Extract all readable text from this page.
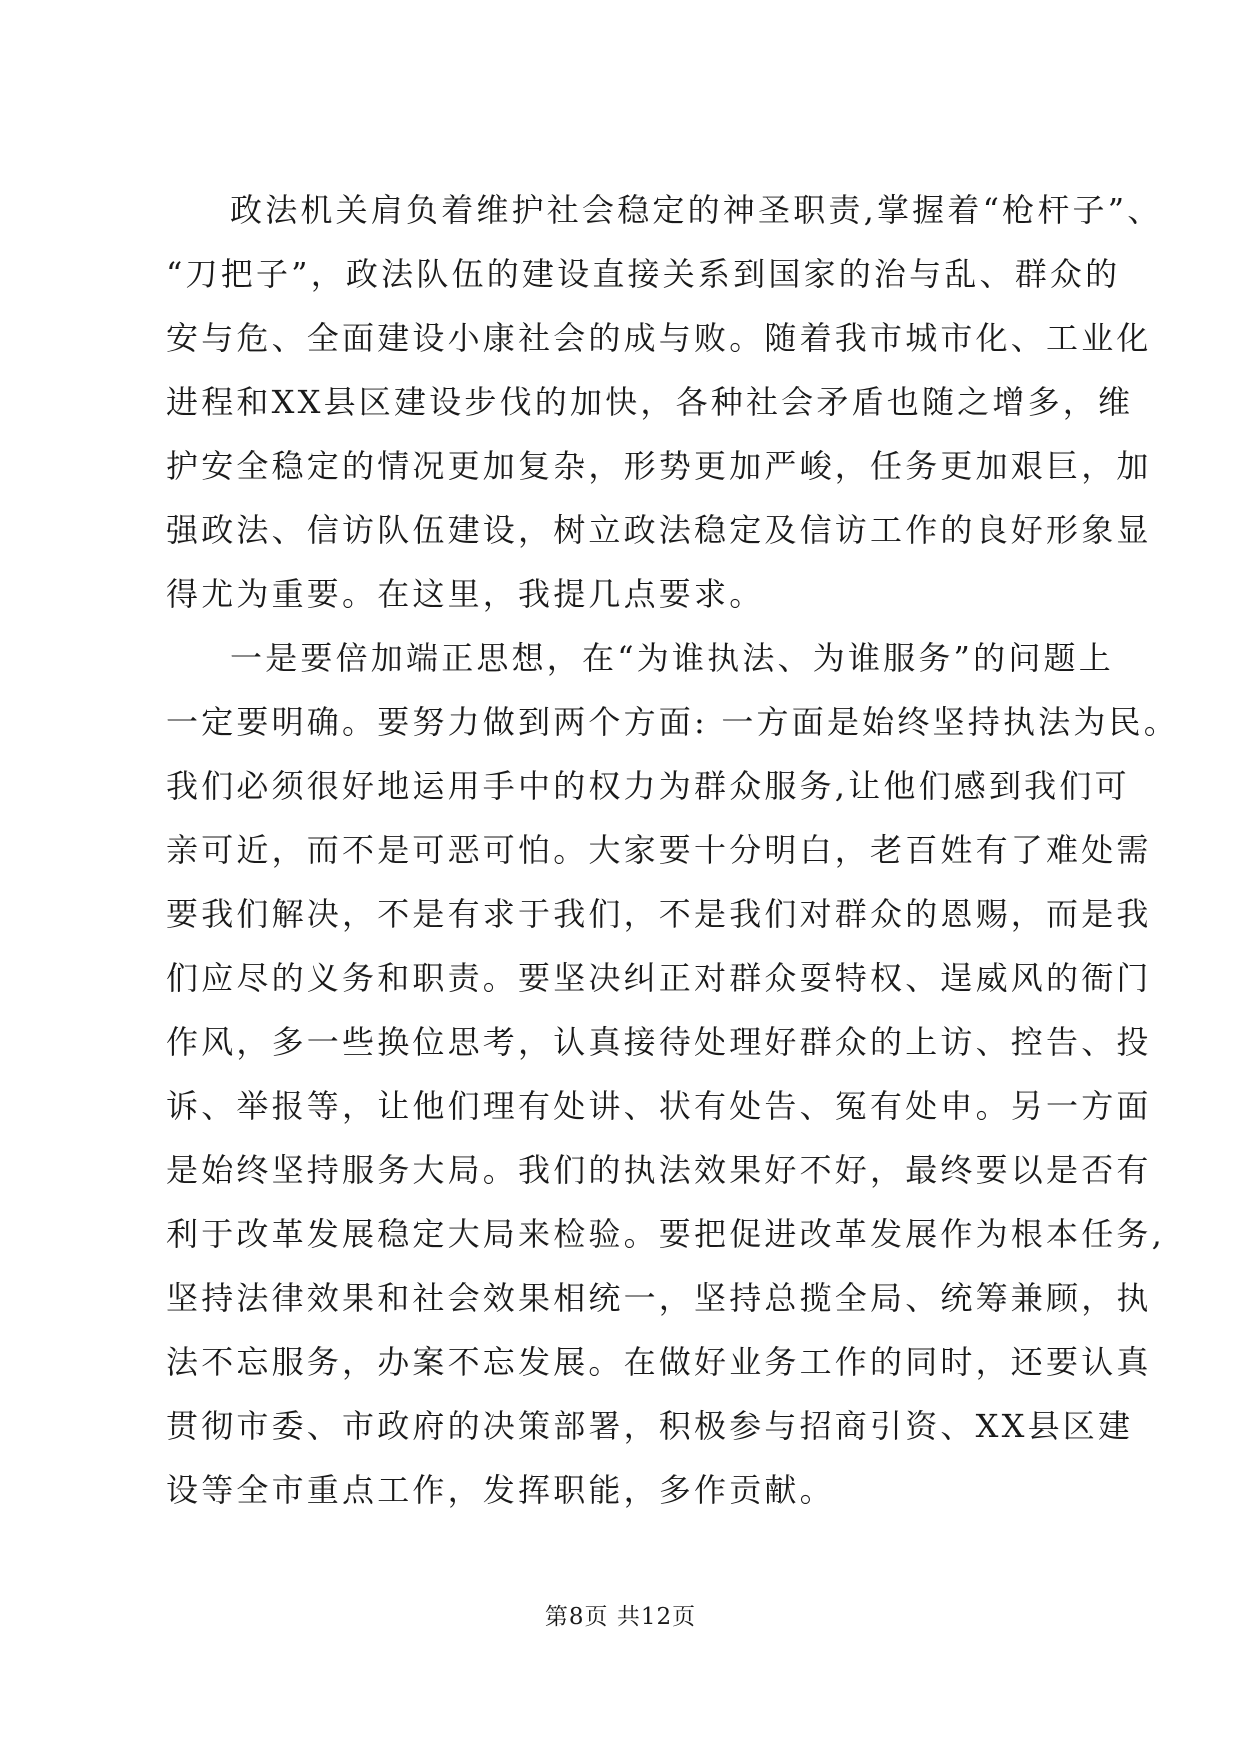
政法机关肩负着维护社会稳定的神圣职责,掌握着“枪杆子”、
“刀把子”，政法队伍的建设直接关系到国家的治与乱、群众的
安与危、全面建设小康社会的成与败。随着我市城市化、工业化
进程和XX县区建设步伐的加快，各种社会矛盾也随之增多，维
护安全稳定的情况更加复杂，形势更加严峻，任务更加艰巨，加
强政法、信访队伍建设，树立政法稳定及信访工作的良好形象显
得尤为重要。在这里，我提几点要求。
一是要倍加端正思想，在“为谁执法、为谁服务”的问题上
一定要明确。要努力做到两个方面: 一方面是始终坚持执法为民。
我们必须很好地运用手中的权力为群众服务,让他们感到我们可
亲可近，而不是可恶可怕。大家要十分明白，老百姓有了难处需
要我们解决，不是有求于我们，不是我们对群众的恩赐，而是我
们应尽的义务和职责。要坚决纠正对群众耍特权、逞威风的衙门
作风，多一些换位思考，认真接待处理好群众的上访、控告、投
诉、举报等，让他们理有处讲、状有处告、冤有处申。另一方面
是始终坚持服务大局。我们的执法效果好不好，最终要以是否有
利于改革发展稳定大局来检验。要把促进改革发展作为根本任务,
坚持法律效果和社会效果相统一，坚持总揽全局、统筹兼顾，执
法不忘服务，办案不忘发展。在做好业务工作的同时，还要认真
贯彻市委、市政府的决策部署，积极参与招商引资、XX县区建
设等全市重点工作，发挥职能，多作贡献。
第8页 共12页
